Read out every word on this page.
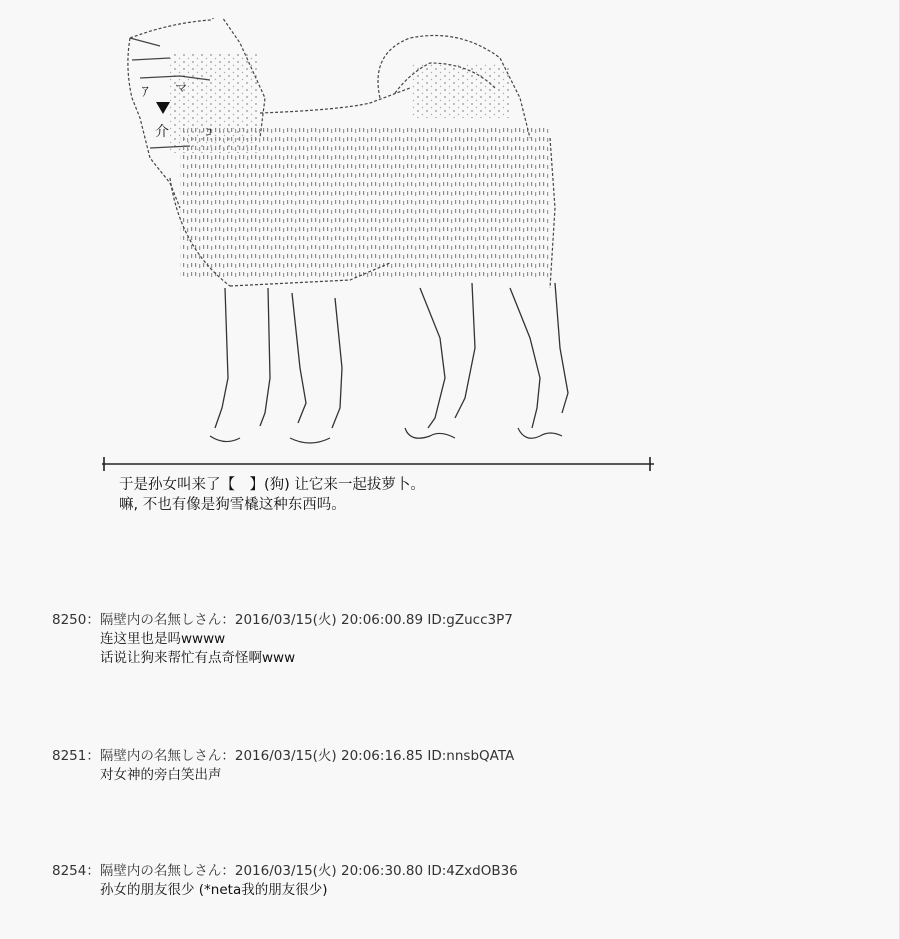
ｱ マ
介
于是孙女叫来了【　】(狗) 让它来一起拔萝卜。
嘛, 不也有像是狗雪橇这种东西吗。
8250：隔壁内の名無しさん：2016/03/15(火) 20:06:00.89 ID:gZucc3P7
连这里也是吗wwww
话说让狗来帮忙有点奇怪啊www
8251：隔壁内の名無しさん：2016/03/15(火) 20:06:16.85 ID:nnsbQATA
对女神的旁白笑出声
8254：隔壁内の名無しさん：2016/03/15(火) 20:06:30.80 ID:4ZxdOB36
孙女的朋友很少 (*neta我的朋友很少)
